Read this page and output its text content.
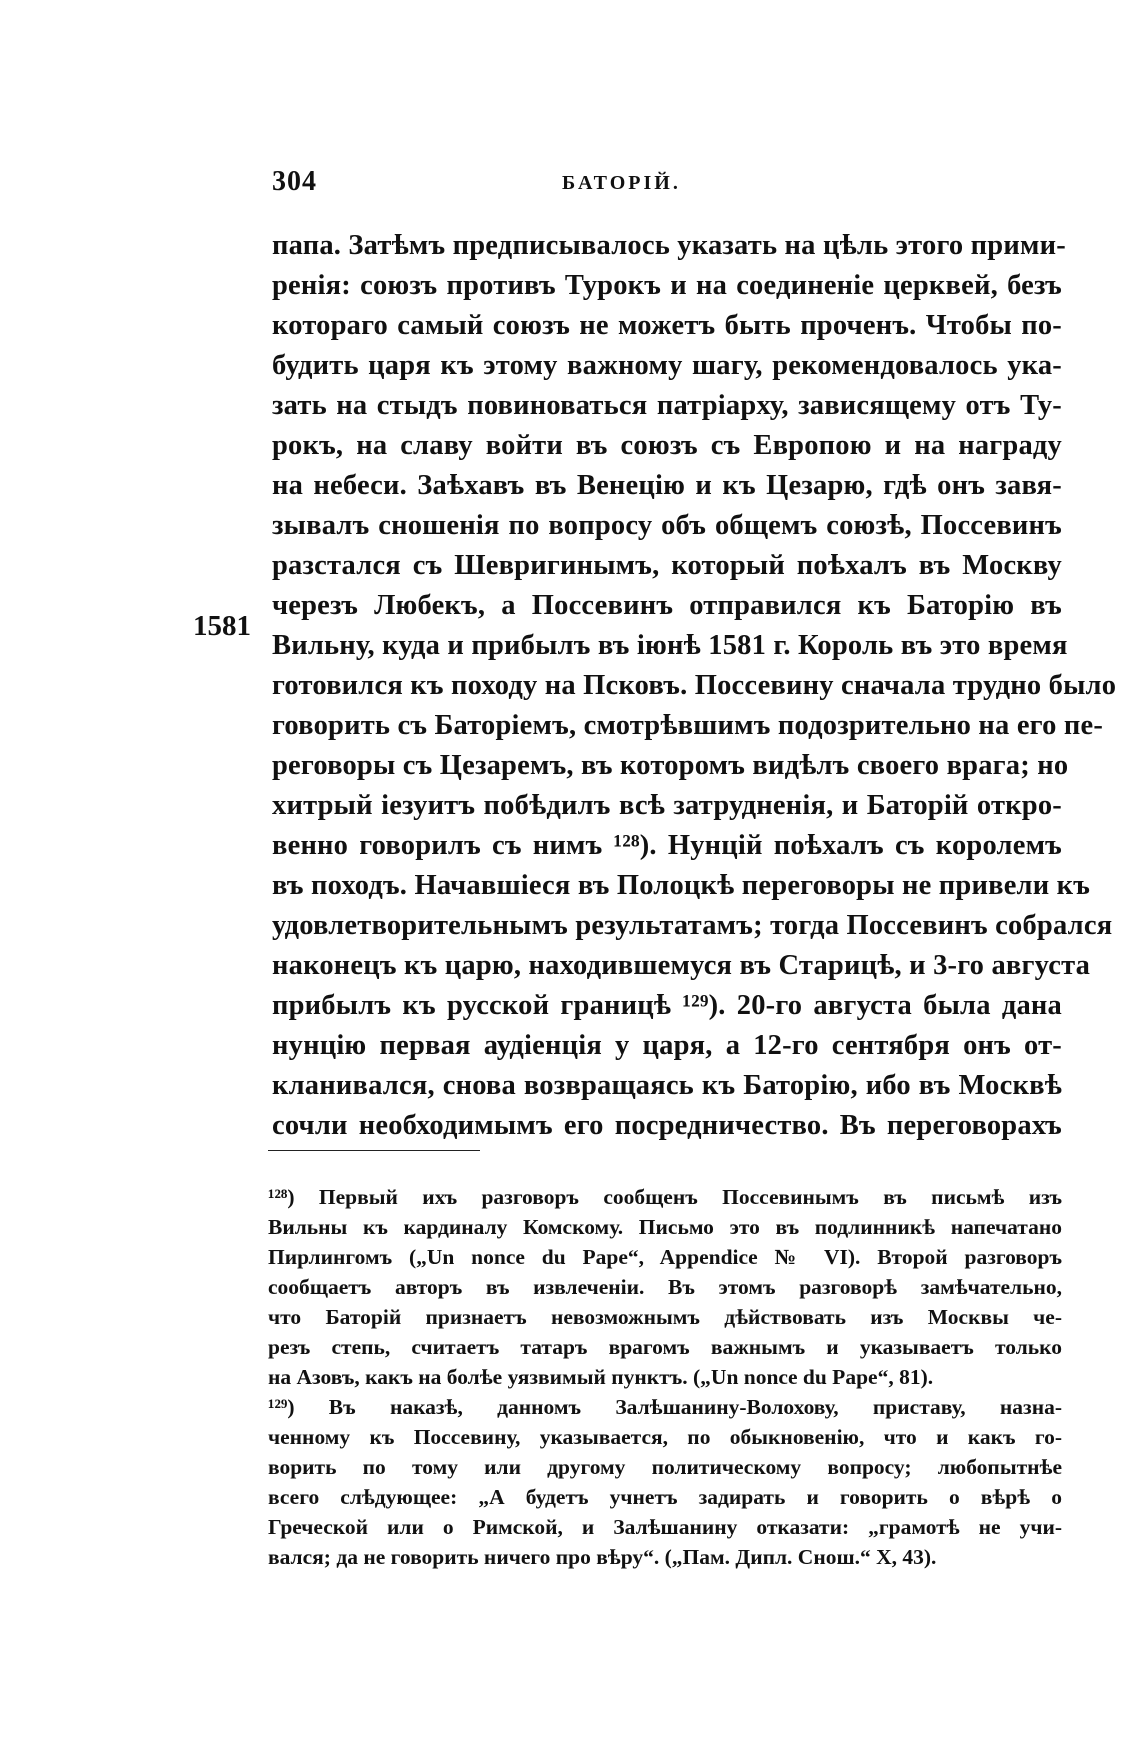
304	БАТОРІЙ.
1581
папа. Затѣмъ предписывалось указать на цѣль этого прими-
ренія: союзъ противъ Турокъ и на соединеніе церквей, безъ
котораго самый союзъ не можетъ быть проченъ. Чтобы по-
будить царя къ этому важному шагу, рекомендовалось ука-
зать на стыдъ повиноваться патріарху, зависящему отъ Ту-
рокъ, на славу войти въ союзъ съ Европою и на награду
на небеси. Заѣхавъ въ Венецію и къ Цезарю, гдѣ онъ завя-
зывалъ сношенія по вопросу объ общемъ союзѣ, Поссевинъ
разстался съ Шевригинымъ, который поѣхалъ въ Москву
черезъ Любекъ, а Поссевинъ отправился къ Баторію въ
Вильну, куда и прибылъ въ іюнѣ 1581 г. Король въ это время
готовился къ походу на Псковъ. Поссевину сначала трудно было
говорить съ Баторіемъ, смотрѣвшимъ подозрительно на его пе-
реговоры съ Цезаремъ, въ которомъ видѣлъ своего врага; но
хитрый іезуитъ побѣдилъ всѣ затрудненія, и Баторій откро-
венно говорилъ съ нимъ ¹²⁸). Нунцій поѣхалъ съ королемъ
въ походъ. Начавшіеся въ Полоцкѣ переговоры не привели къ
удовлетворительнымъ результатамъ; тогда Поссевинъ собрался
наконецъ къ царю, находившемуся въ Старицѣ, и 3-го августа
прибылъ къ русской границѣ ¹²⁹). 20-го августа была дана
нунцію первая аудіенція у царя, а 12-го сентября онъ от-
кланивался, снова возвращаясь къ Баторію, ибо въ Москвѣ
сочли необходимымъ его посредничество. Въ переговорахъ
¹²⁸) Первый ихъ разговоръ сообщенъ Поссевинымъ въ письмѣ изъ
Вильны къ кардиналу Комскому. Письмо это въ подлинникѣ напечатано
Пирлингомъ („Un nonce du Pape“, Appendice № VI). Второй разговоръ
сообщаетъ авторъ въ извлеченіи. Въ этомъ разговорѣ замѣчательно,
что Баторій признаетъ невозможнымъ дѣйствовать изъ Москвы че-
резъ степь, считаетъ татаръ врагомъ важнымъ и указываетъ только
на Азовъ, какъ на болѣе уязвимый пунктъ. („Un nonce du Pape“, 81).
¹²⁹) Въ наказѣ, данномъ Залѣшанину-Волохову, приставу, назна-
ченному къ Поссевину, указывается, по обыкновенію, что и какъ го-
ворить по тому или другому политическому вопросу; любопытнѣе
всего слѣдующее: „А будетъ учнетъ задирать и говорить о вѣрѣ о
Греческой или о Римской, и Залѣшанину отказати: „грамотѣ не учи-
вался; да не говорить ничего про вѣру“. („Пам. Дипл. Снош.“ X, 43).
